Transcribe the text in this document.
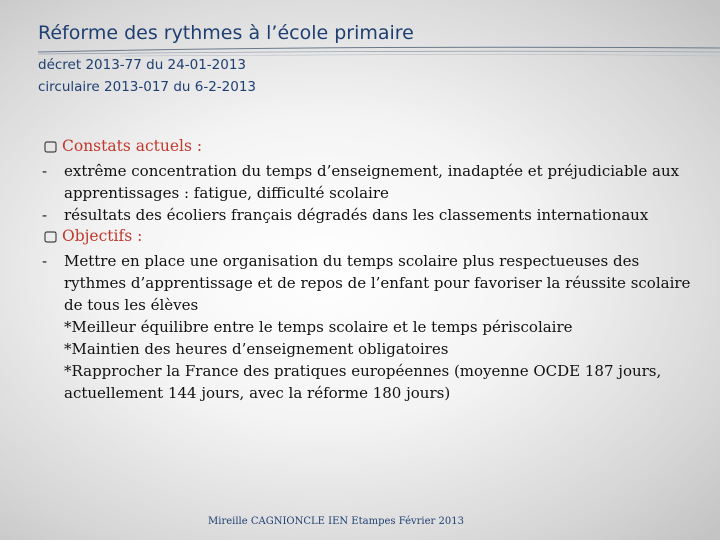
Réforme des rythmes à l’école primaire

décret 2013-77 du 24-01-2013

circulaire 2013-017 du 6-2-2013

Constats actuels :
- extrême concentration du temps d’enseignement, inadaptée et préjudiciable aux apprentissages : fatigue, difficulté scolaire
- résultats des écoliers français dégradés dans les classements internationaux
Objectifs :
- Mettre en place une organisation du temps scolaire plus respectueuses des rythmes d’apprentissage et de repos de l’enfant pour favoriser la réussite scolaire de tous les élèves
*Meilleur équilibre entre le temps scolaire et le temps périscolaire
*Maintien des heures d’enseignement obligatoires
*Rapprocher la France des pratiques européennes (moyenne OCDE 187 jours, actuellement 144 jours, avec la réforme 180 jours)
Mireille CAGNIONCLE IEN Etampes Février 2013
